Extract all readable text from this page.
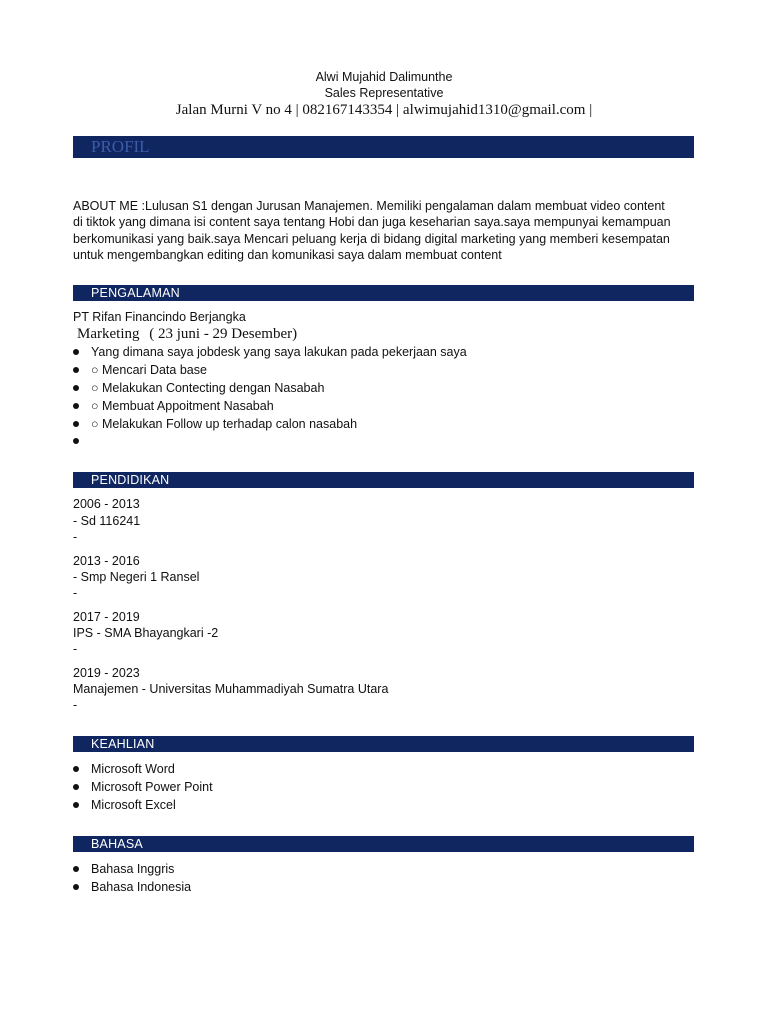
Alwi Mujahid Dalimunthe
Sales Representative
Jalan Murni V no 4 | 082167143354 | alwimujahid1310@gmail.com |
PROFIL
ABOUT ME :Lulusan S1 dengan Jurusan Manajemen. Memiliki pengalaman dalam membuat video content
di tiktok yang dimana isi content saya tentang Hobi dan juga keseharian saya.saya mempunyai kemampuan
berkomunikasi yang baik.saya Mencari peluang kerja di bidang digital marketing yang memberi kesempatan
untuk mengembangkan editing dan komunikasi saya dalam membuat content
PENGALAMAN
PT Rifan Financindo Berjangka
Marketing ( 23 juni - 29 Desember)
Yang dimana saya jobdesk yang saya lakukan pada pekerjaan saya
○ Mencari Data base
○ Melakukan Contecting dengan Nasabah
○ Membuat Appoitment Nasabah
○ Melakukan Follow up terhadap calon nasabah
PENDIDIKAN
2006 - 2013
- Sd 116241
-
2013 - 2016
- Smp Negeri 1 Ransel
-
2017 - 2019
IPS - SMA Bhayangkari -2
-
2019 - 2023
Manajemen - Universitas Muhammadiyah Sumatra Utara
-
KEAHLIAN
Microsoft Word
Microsoft Power Point
Microsoft Excel
BAHASA
Bahasa Inggris
Bahasa Indonesia
